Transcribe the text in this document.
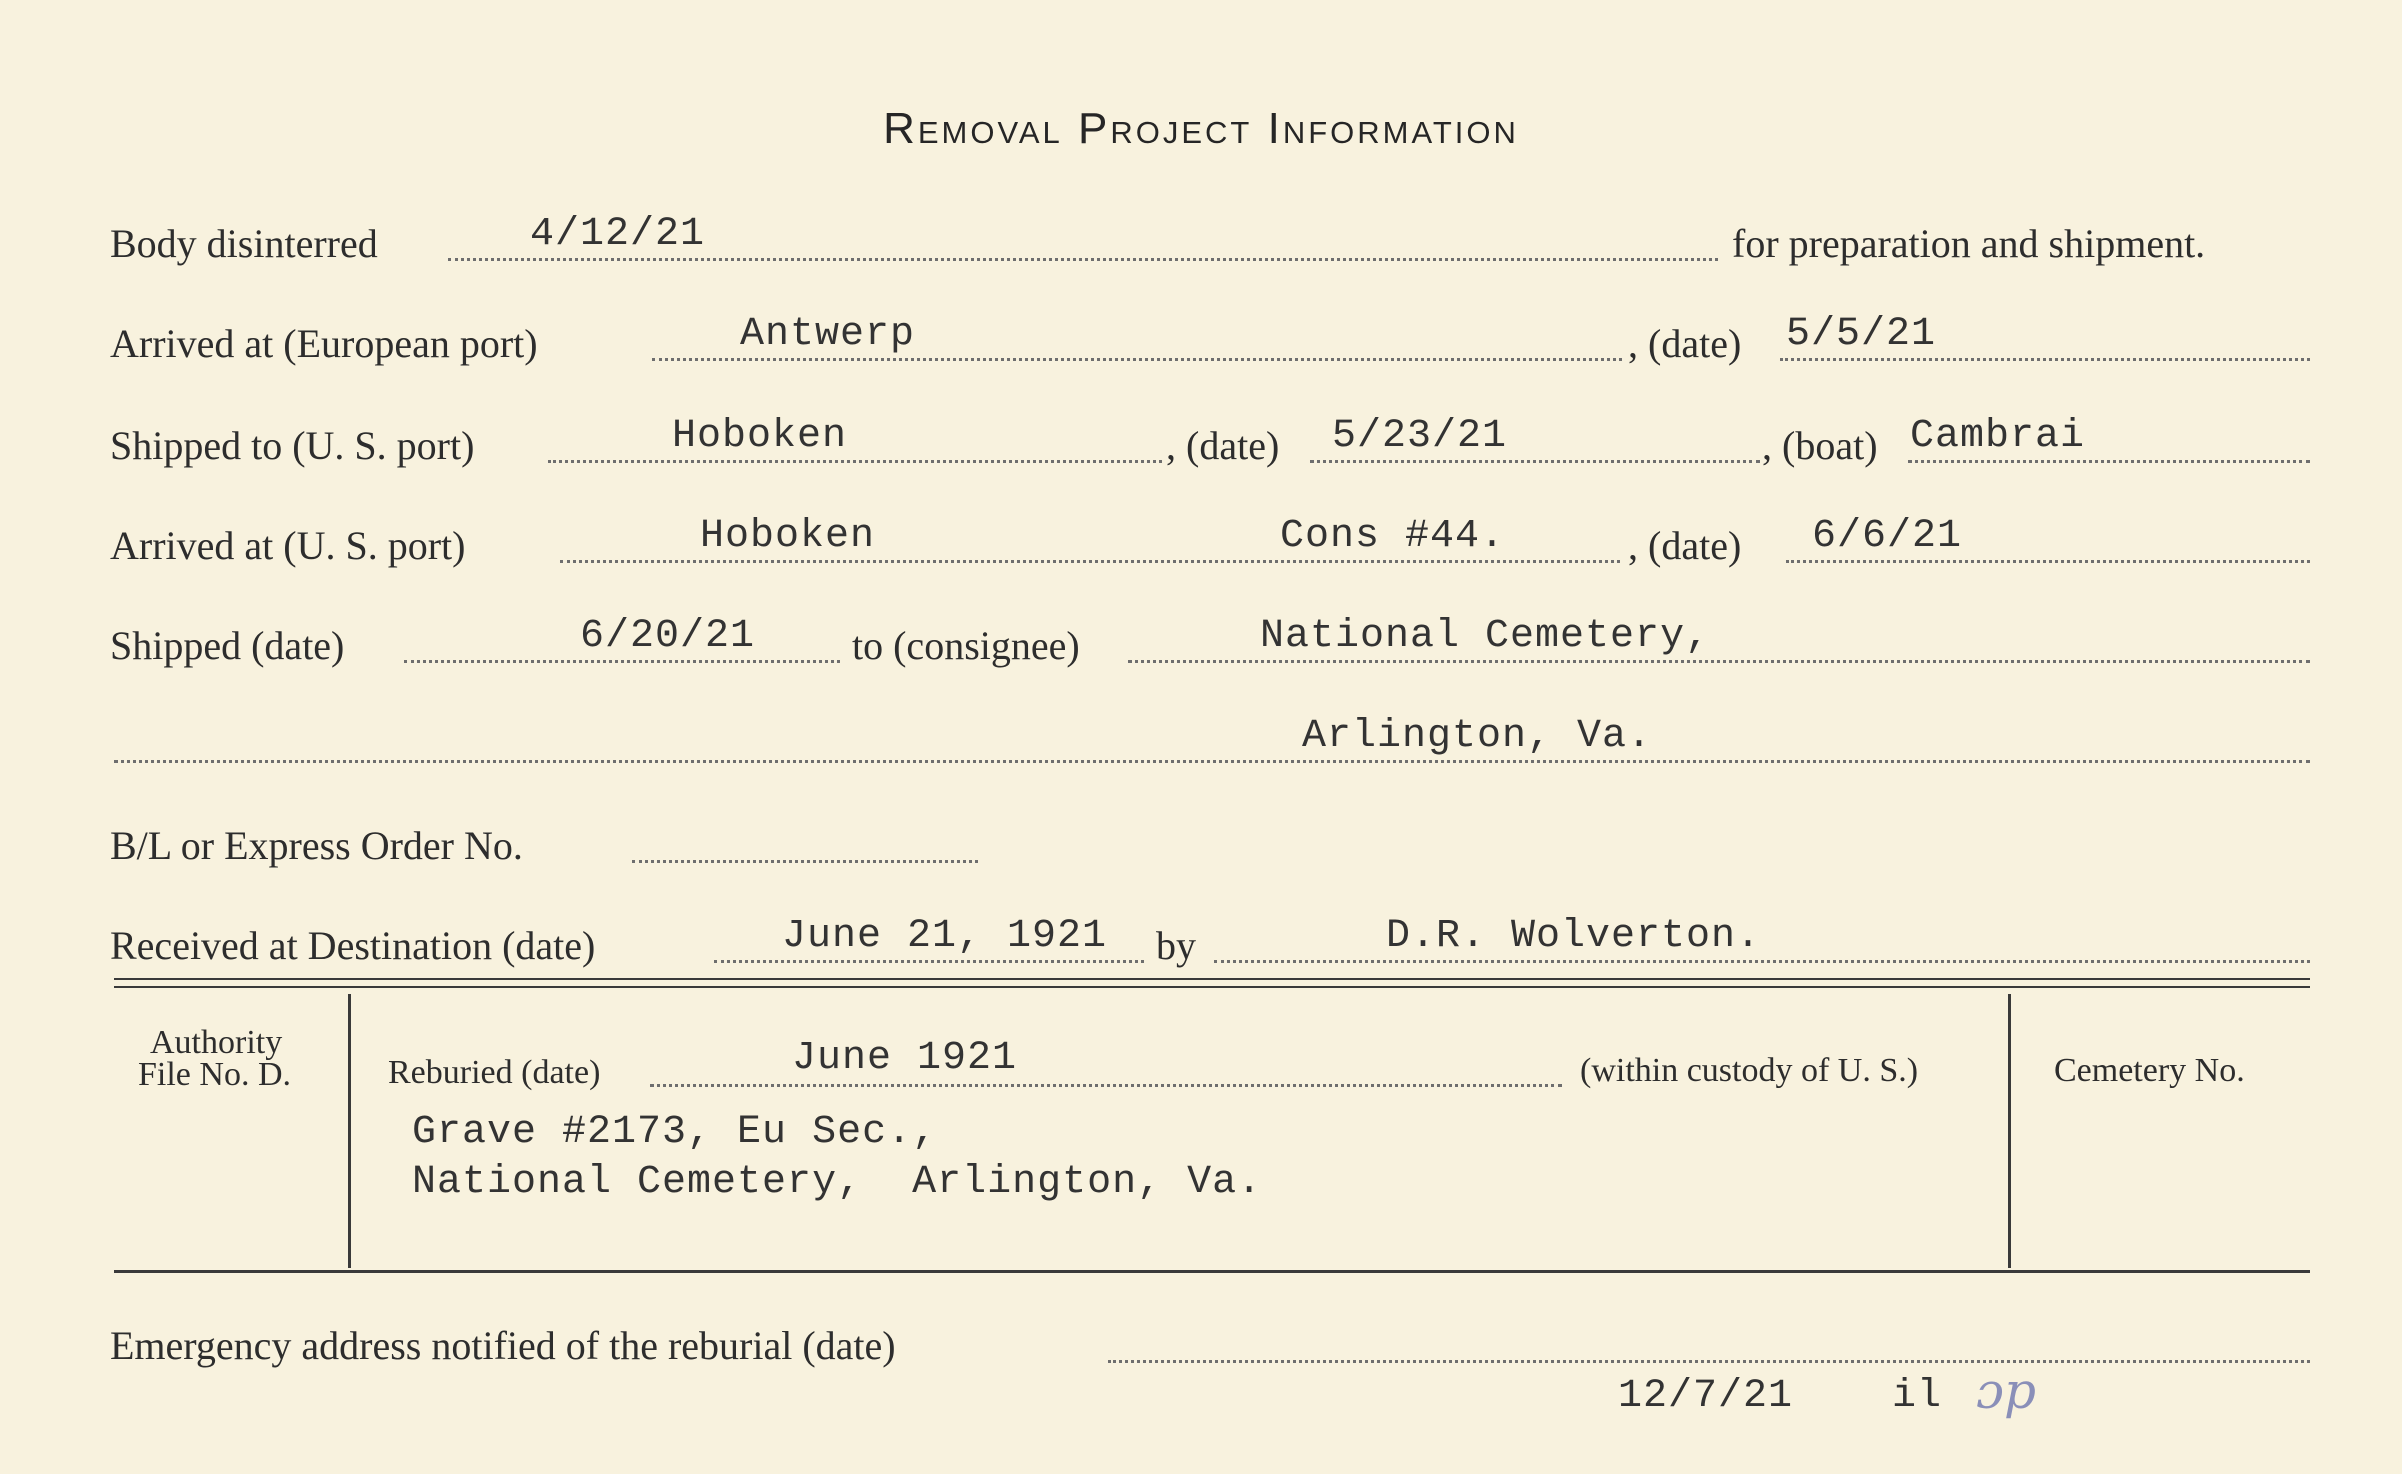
Removal Project Information
Body disinterred	4/12/21	for preparation and shipment.
Arrived at (European port)	Antwerp	, (date) 5/5/21
Shipped to (U. S. port)	Hoboken	, (date) 5/23/21	, (boat) Cambrai
Arrived at (U. S. port)	Hoboken	Cons #44.	, (date) 6/6/21
Shipped (date)	6/20/21 to (consignee)	National Cemetery,
Arlington, Va.
B/L or Express Order No.
Received at Destination (date)	June 21, 1921 by	D.R. Wolverton.
Authority
File No. D.	Reburied (date)	June 1921	(within custody of U. S.)	Cemetery No.
Grave #2173, Eu Sec.,
National Cemetery,  Arlington, Va.
Emergency address notified of the reburial (date)
12/7/21 il ɔp
